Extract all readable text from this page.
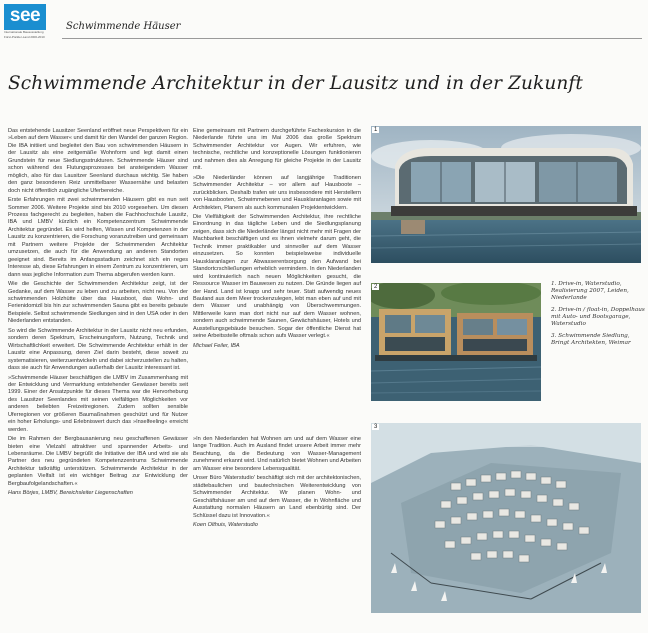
see
Internationale Bauausstellung
Fürst-Pückler-Land 2000-2010
Schwimmende Häuser
Schwimmende Architektur in der Lausitz und in der Zukunft

Das entstehende Lausitzer Seenland eröffnet neue Perspektiven für ein »Leben auf dem Wasser« und damit für den Wandel der ganzen Region. Die IBA initiiert und begleitet den Bau von schwimmenden Häusern in der Lausitz als eine zeitgemäße Wohnform und legt damit einen Grundstein für neue Siedlungsstrukturen. Schwimmende Häuser sind schon während des Flutungsprozesses bei ansteigendem Wasser möglich, also für das Lausitzer Seenland durchaus wichtig. Sie haben den ganz besonderen Reiz unmittelbarer Wassernähe und belasten doch nicht öffentlich zugängliche Uferbereiche.

Erste Erfahrungen mit zwei schwimmenden Häusern gibt es nun seit Sommer 2006. Weitere Projekte sind bis 2010 vorgesehen. Um diesen Prozess fachgerecht zu begleiten, haben die Fachhochschule Lausitz, IBA und LMBV kürzlich ein Kompetenzzentrum Schwimmende Architektur gegründet. Es wird helfen, Wissen und Kompetenzen in der Lausitz zu konzentrieren, die Forschung voranzutreiben und gemeinsam mit Partnern weitere Projekte der Schwimmenden Architektur umzusetzen, die auch für die Anwendung an anderen Standorten geeignet sind. Bereits im Anfangsstadium zeichnet sich ein reges Interesse ab, diese Erfahrungen in einem Zentrum zu konzentrieren, um dann was jegliche Information zum Thema abgerufen werden kann.

Wie die Geschichte der Schwimmenden Architektur zeigt, ist der Gedanke, auf dem Wasser zu leben und zu arbeiten, nicht neu. Von der schwimmenden Holzhütte über das Hausboot, das Wohn- und Ferienidomizil bis hin zur schwimmenden Sauna gibt es bereits gebaute Beispiele. Selbst schwimmende Siedlungen sind in den USA oder in den Niederlanden entstanden.

So wird die Schwimmende Architektur in der Lausitz nicht neu erfunden, sondern deren Spektrum, Erscheinungsform, Nutzung, Technik und Wirtschaftlichkeit erweitert. Die Schwimmende Architektur erhält in der Lausitz eine Anpassung, deren Ziel darin besteht, diese soweit zu systematisieren, weiterzuentwickeln und dabei sicherzustellen zu halten, dass sie auch für Anwendungen außerhalb der Lausitz interessant ist.

»Schwimmende Häuser beschäftigen die LMBV im Zusammenhang mit der Entwicklung und Vermarktung entstehender Gewässer bereits seit 1999. Einer der Ansatzpunkte für dieses Thema war die Hervorhebung des Lausitzer Seenlandes mit seinen vielfältigen Möglichkeiten vor anderen beliebten Freizeitregionen. Zudem sollten sensible Uferregionen vor größeren Baumaßnahmen geschützt und für Nutzer ein hoher Erholungs- und Erlebniswert durch das »Inselfeeling« erreicht werden.

Die im Rahmen der Bergbausanierung neu geschaffenen Gewässer bieten eine Vielzahl attraktiver und spannender Arbeits- und Lebensräume. Die LMBV begrüßt die Initiative der IBA und wird sie als Partner des neu gegründeten Kompetenzzentrums Schwimmende Architektur tatkräftig unterstützen. Schwimmende Architektur in der geplanten Vielfalt ist ein wichtiger Beitrag zur Entwicklung der Bergbaufolgelandschaften.«

Hans Börjes, LMBV, Bereichsleiter Liegenschaften

Eine gemeinsam mit Partnern durchgeführte Fachexkursion in die Niederlande führte uns im Mai 2006 das große Spektrum Schwimmender Architektur vor Augen. Wir erfuhren, wie technische, rechtliche und konzeptionelle Lösungen funktionieren und nahmen dies als Anregung für gleiche Projekte in der Lausitz mit.

»Die Niederländer können auf langjährige Traditionen Schwimmender Architektur – vor allem auf Hausboote – zurückblicken. Deshalb trafen wir uns insbesondere mit Herstellern von Hausbooten, Schwimmebenen und Hausklaranlagen sowie mit Architekten, Planern als auch kommunalen Projektentwicklern.

Die Vielfältigkeit der Schwimmenden Architektur, ihre rechtliche Einordnung in das tägliche Leben und die Siedlungsplanung zeigen, dass sich die Niederländer längst nicht mehr mit Fragen der Machbarkeit beschäftigen und es ihnen vielmehr darum geht, die Technik immer praktikabler und sinnvoller auf dem Wasser einzusetzen. So konnten beispielsweise individuelle Hausklaranlagen zur Abwasserentsorgung den Aufwand bei Standortcrschließungen erheblich vermindern. In den Niederlanden wird kontinuierlich nach neuen Möglichkeiten gesucht, die Ressource Wasser im Bauwesen zu nutzen. Die Gründe liegen auf der Hand. Land ist knapp und sehr teuer. Statt aufwendig neues Bauland aus dem Meer trockenzulegen, lebt man eben auf und mit dem Wasser und unabhängig von Überschwemmungen. Mittlerweile kann man dort nicht nur auf dem Wasser wohnen, sondern auch schwimmende Saunen, Gewächshäuser, Hotels und Ausstellungsgebäude besuchen. Sogar der öffentliche Dienst hat seine Arbeitsstelle oftmals schon aufs Wasser verlegt.«

Michael Feiler, IBA

»In den Niederlanden hat Wohnen am und auf dem Wasser eine lange Tradition. Auch im Ausland findet unsere Arbeit immer mehr Beachtung, da die Bedeutung von Wasser-Management zunehmend erkannt wird. Und natürlich bietet Wohnen und Arbeiten am Wasser eine besondere Lebensqualität.

Unser Büro 'Waterstudio' beschäftigt sich mit der architektonischen, städtebaulichen und bautechnischen Weiterentwicklung von Schwimmender Architektur. Wir planen Wohn- und Geschäftshäuser am und auf dem Wasser, die in Wohnfläche und Ausstattung normalen Häusern an Land ebenbürtig sind. Der Schlüssel dazu ist Innovation.«

Koen Olthuis, Waterstudio
1
2
3

1. Drive-in, Waterstudio, Realisierung 2007, Leiden, Niederlande

2. Drive-in / float-in, Doppelhaus mit Auto- und Bootsgarage, Waterstudio

3. Schwimmende Siedlung, Bringt Architekten, Weimar
